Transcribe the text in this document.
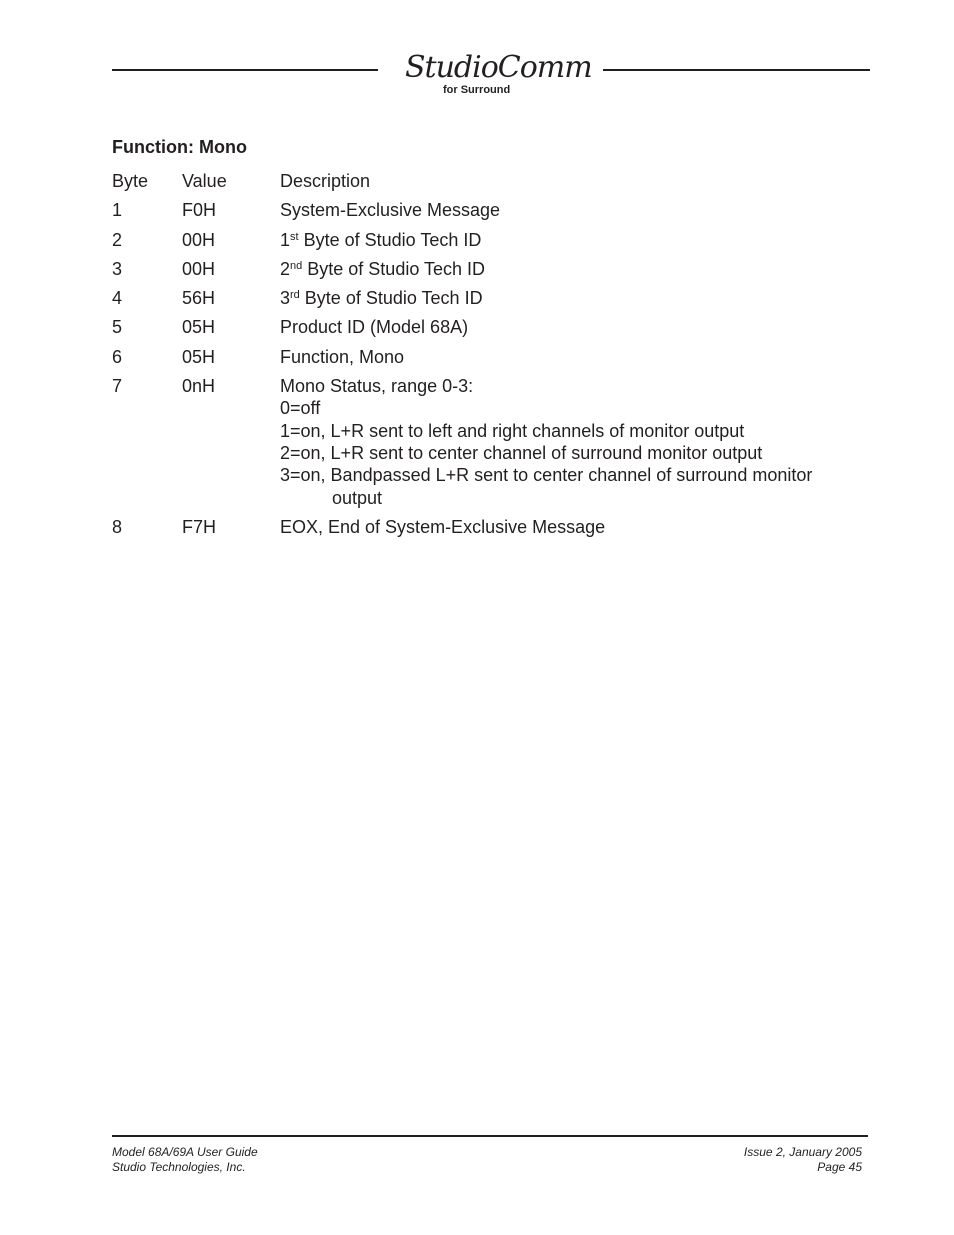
StudioComm
for Surround
Function: Mono
Byte	Value	Description
1	F0H	System-Exclusive Message
2	00H	1st Byte of Studio Tech ID
3	00H	2nd Byte of Studio Tech ID
4	56H	3rd Byte of Studio Tech ID
5	05H	Product ID (Model 68A)
6	05H	Function, Mono
7	0nH	Mono Status, range 0-3:
0=off
1=on, L+R sent to left and right channels of monitor output
2=on, L+R sent to center channel of surround monitor output
3=on, Bandpassed L+R sent to center channel of surround monitor
output
8	F7H	EOX, End of System-Exclusive Message
Model 68A/69A User Guide
Studio Technologies, Inc.
Issue 2, January 2005
Page 45
